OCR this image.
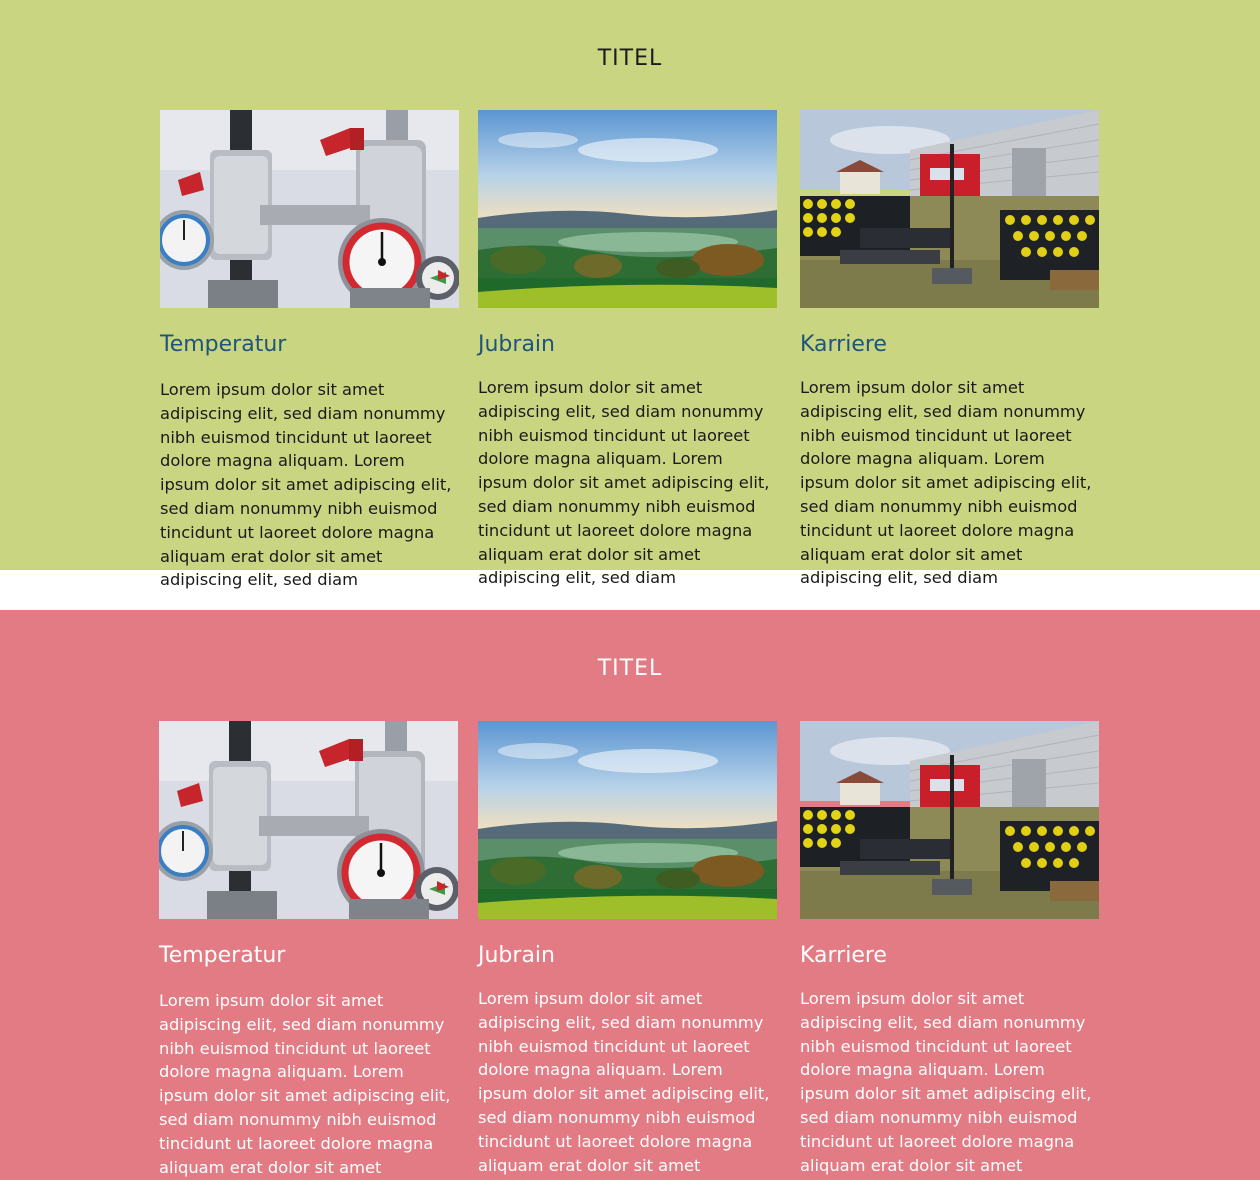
TITEL
Temperatur

Lorem ipsum dolor sit amet adipiscing elit, sed diam nonummy nibh euismod tincidunt ut laoreet dolore magna aliquam. Lorem ipsum dolor sit amet adipiscing elit, sed diam nonummy nibh euismod tincidunt ut laoreet dolore magna aliquam erat dolor sit amet adipiscing elit, sed diam

Jubrain

Lorem ipsum dolor sit amet adipiscing elit, sed diam nonummy nibh euismod tincidunt ut laoreet dolore magna aliquam. Lorem ipsum dolor sit amet adipiscing elit, sed diam nonummy nibh euismod tincidunt ut laoreet dolore magna aliquam erat dolor sit amet adipiscing elit, sed diam

Karriere

Lorem ipsum dolor sit amet adipiscing elit, sed diam nonummy nibh euismod tincidunt ut laoreet dolore magna aliquam. Lorem ipsum dolor sit amet adipiscing elit, sed diam nonummy nibh euismod tincidunt ut laoreet dolore magna aliquam erat dolor sit amet adipiscing elit, sed diam

TITEL
Temperatur

Lorem ipsum dolor sit amet adipiscing elit, sed diam nonummy nibh euismod tincidunt ut laoreet dolore magna aliquam. Lorem ipsum dolor sit amet adipiscing elit, sed diam nonummy nibh euismod tincidunt ut laoreet dolore magna aliquam erat dolor sit amet adipiscing elit, sed diam

Jubrain

Lorem ipsum dolor sit amet adipiscing elit, sed diam nonummy nibh euismod tincidunt ut laoreet dolore magna aliquam. Lorem ipsum dolor sit amet adipiscing elit, sed diam nonummy nibh euismod tincidunt ut laoreet dolore magna aliquam erat dolor sit amet adipiscing elit, sed diam

Karriere

Lorem ipsum dolor sit amet adipiscing elit, sed diam nonummy nibh euismod tincidunt ut laoreet dolore magna aliquam. Lorem ipsum dolor sit amet adipiscing elit, sed diam nonummy nibh euismod tincidunt ut laoreet dolore magna aliquam erat dolor sit amet adipiscing elit, sed diam
